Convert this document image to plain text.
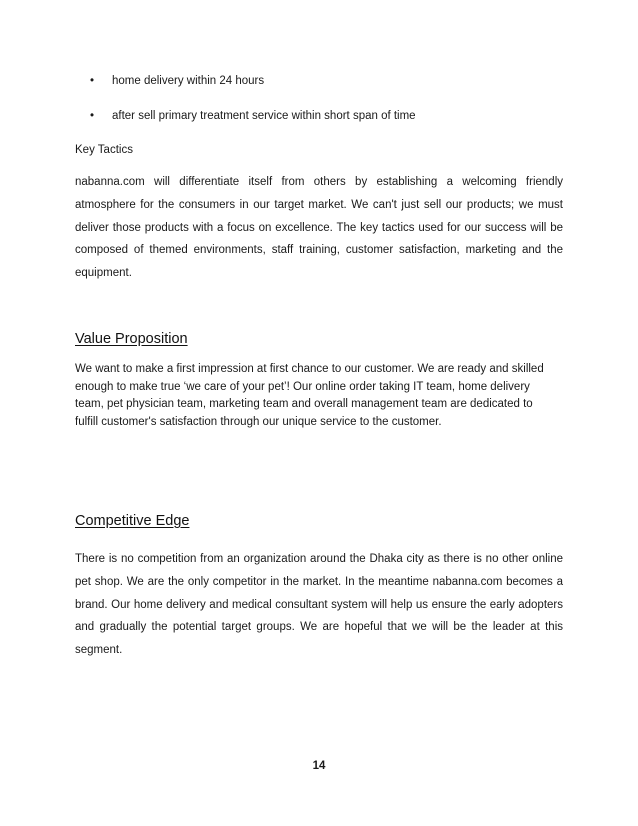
•	home delivery within 24 hours
•	after sell primary treatment service within short span of time
Key Tactics

nabanna.com will differentiate itself from others by establishing a welcoming friendly atmosphere for the consumers in our target market. We can't just sell our products; we must deliver those products with a focus on excellence. The key tactics used for our success will be composed of themed environments, staff training, customer satisfaction, marketing and the equipment.

Value Proposition

We want to make a first impression at first chance to our customer. We are ready and skilled enough to make true ‘we care of your pet’! Our online order taking IT team, home delivery team, pet physician team, marketing team and overall management team are dedicated to fulfill customer's satisfaction through our unique service to the customer.

Competitive Edge

There is no competition from an organization around the Dhaka city as there is no other online pet shop. We are the only competitor in the market. In the meantime nabanna.com becomes a brand. Our home delivery and medical consultant system will help us ensure the early adopters and gradually the potential target groups. We are hopeful that we will be the leader at this segment.

14
